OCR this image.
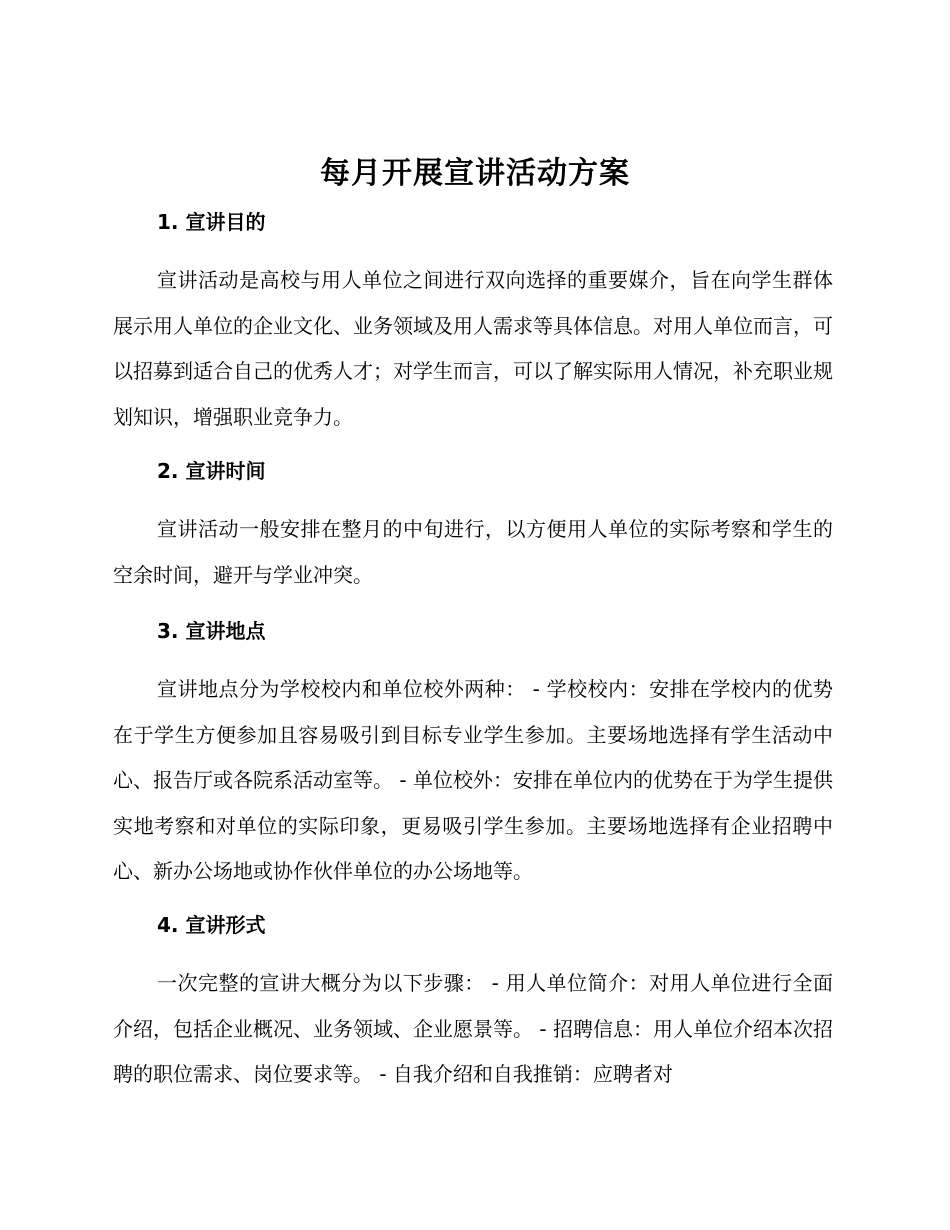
每月开展宣讲活动方案
1. 宣讲目的

宣讲活动是高校与用人单位之间进行双向选择的重要媒介，旨在向学生群体展示用人单位的企业文化、业务领域及用人需求等具体信息。对用人单位而言，可以招募到适合自己的优秀人才；对学生而言，可以了解实际用人情况，补充职业规划知识，增强职业竞争力。

2. 宣讲时间

宣讲活动一般安排在整月的中旬进行，以方便用人单位的实际考察和学生的空余时间，避开与学业冲突。

3. 宣讲地点

宣讲地点分为学校校内和单位校外两种： - 学校校内：安排在学校内的优势在于学生方便参加且容易吸引到目标专业学生参加。主要场地选择有学生活动中心、报告厅或各院系活动室等。 - 单位校外：安排在单位内的优势在于为学生提供实地考察和对单位的实际印象，更易吸引学生参加。主要场地选择有企业招聘中心、新办公场地或协作伙伴单位的办公场地等。

4. 宣讲形式

一次完整的宣讲大概分为以下步骤： - 用人单位简介：对用人单位进行全面介绍，包括企业概况、业务领域、企业愿景等。 - 招聘信息：用人单位介绍本次招聘的职位需求、岗位要求等。 - 自我介绍和自我推销：应聘者对
